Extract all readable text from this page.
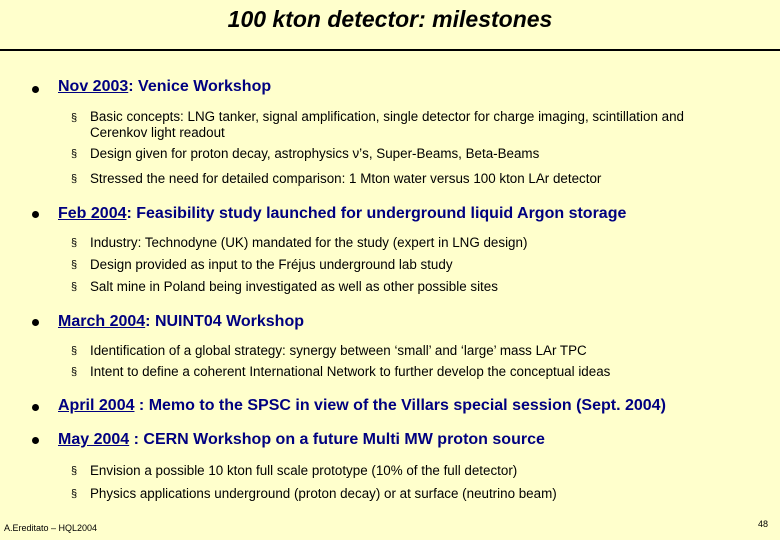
100 kton detector: milestones
Nov 2003: Venice Workshop
§ Basic concepts: LNG tanker, signal amplification, single detector for charge imaging, scintillation and Cerenkov light readout
§ Design given for proton decay, astrophysics ν’s, Super-Beams, Beta-Beams
§ Stressed the need for detailed comparison: 1 Mton water versus 100 kton LAr detector
Feb 2004: Feasibility study launched for underground liquid Argon storage
§ Industry: Technodyne (UK) mandated for the study (expert in LNG design)
§ Design provided as input to the Fréjus underground lab study
§ Salt mine in Poland being investigated as well as other possible sites
March 2004: NUINT04 Workshop
§ Identification of a global strategy: synergy between ‘small’ and ‘large’ mass LAr TPC
§ Intent to define a coherent International Network to further develop the conceptual ideas
April 2004 : Memo to the SPSC in view of the Villars special session (Sept. 2004)
May 2004 : CERN Workshop on a future Multi MW proton source
§ Envision a possible 10 kton full scale prototype (10% of the full detector)
§ Physics applications underground (proton decay) or at surface (neutrino beam)
A.Ereditato – HQL2004	48
